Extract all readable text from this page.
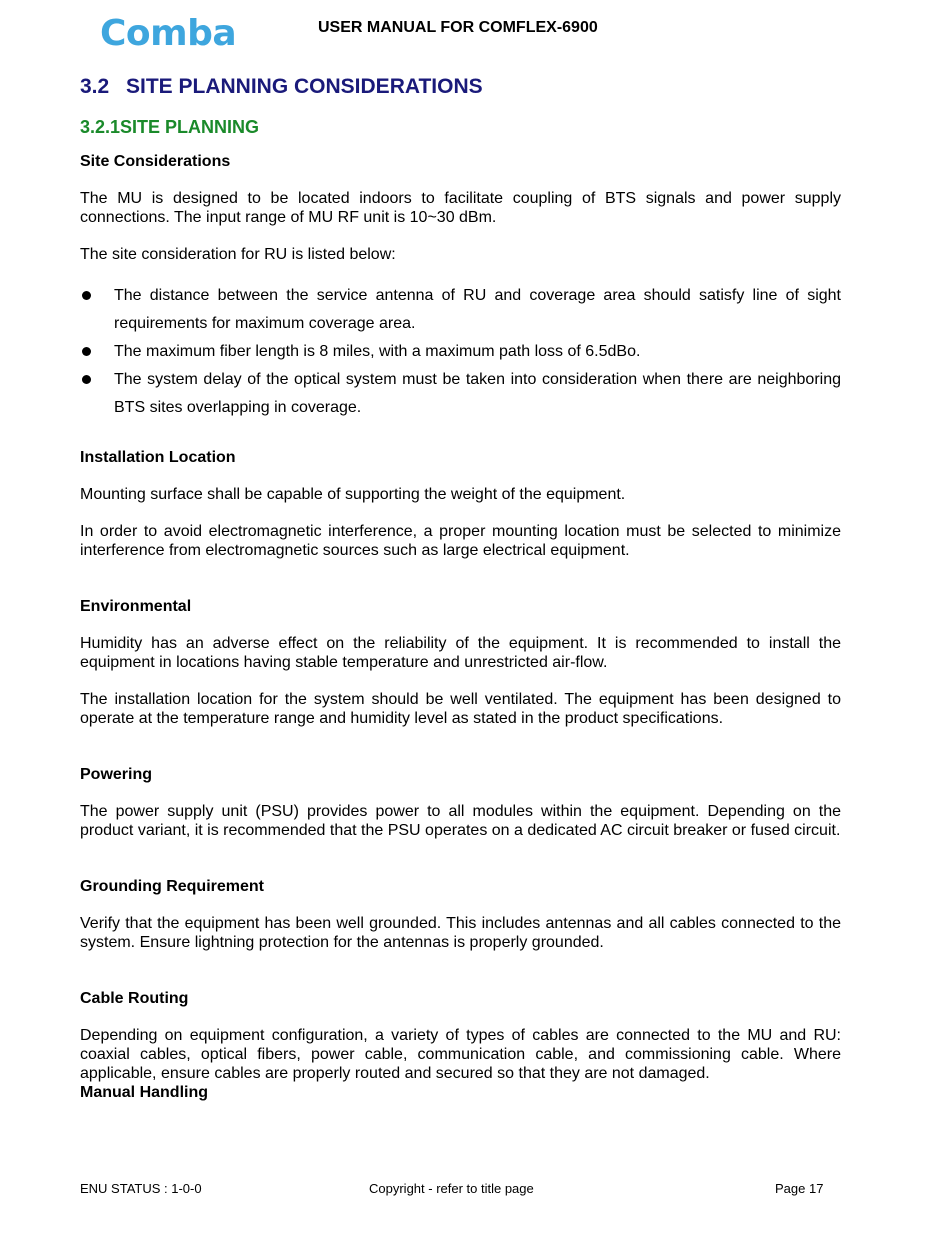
Comba	USER MANUAL FOR COMFLEX-6900
3.2 SITE PLANNING CONSIDERATIONS
3.2.1SITE PLANNING
Site Considerations

The MU is designed to be located indoors to facilitate coupling of BTS signals and power supply connections. The input range of MU RF unit is 10~30 dBm.

The site consideration for RU is listed below:

The distance between the service antenna of RU and coverage area should satisfy line of sight requirements for maximum coverage area.
The maximum fiber length is 8 miles, with a maximum path loss of 6.5dBo.
The system delay of the optical system must be taken into consideration when there are neighboring BTS sites overlapping in coverage.
Installation Location

Mounting surface shall be capable of supporting the weight of the equipment.

In order to avoid electromagnetic interference, a proper mounting location must be selected to minimize interference from electromagnetic sources such as large electrical equipment.

Environmental

Humidity has an adverse effect on the reliability of the equipment. It is recommended to install the equipment in locations having stable temperature and unrestricted air-flow.

The installation location for the system should be well ventilated. The equipment has been designed to operate at the temperature range and humidity level as stated in the product specifications.

Powering

The power supply unit (PSU) provides power to all modules within the equipment. Depending on the product variant, it is recommended that the PSU operates on a dedicated AC circuit breaker or fused circuit.

Grounding Requirement

Verify that the equipment has been well grounded. This includes antennas and all cables connected to the system. Ensure lightning protection for the antennas is properly grounded.

Cable Routing

Depending on equipment configuration, a variety of types of cables are connected to the MU and RU: coaxial cables, optical fibers, power cable, communication cable, and commissioning cable. Where applicable, ensure cables are properly routed and secured so that they are not damaged.

Manual Handling
ENU STATUS : 1-0-0	Copyright - refer to title page	Page 17
